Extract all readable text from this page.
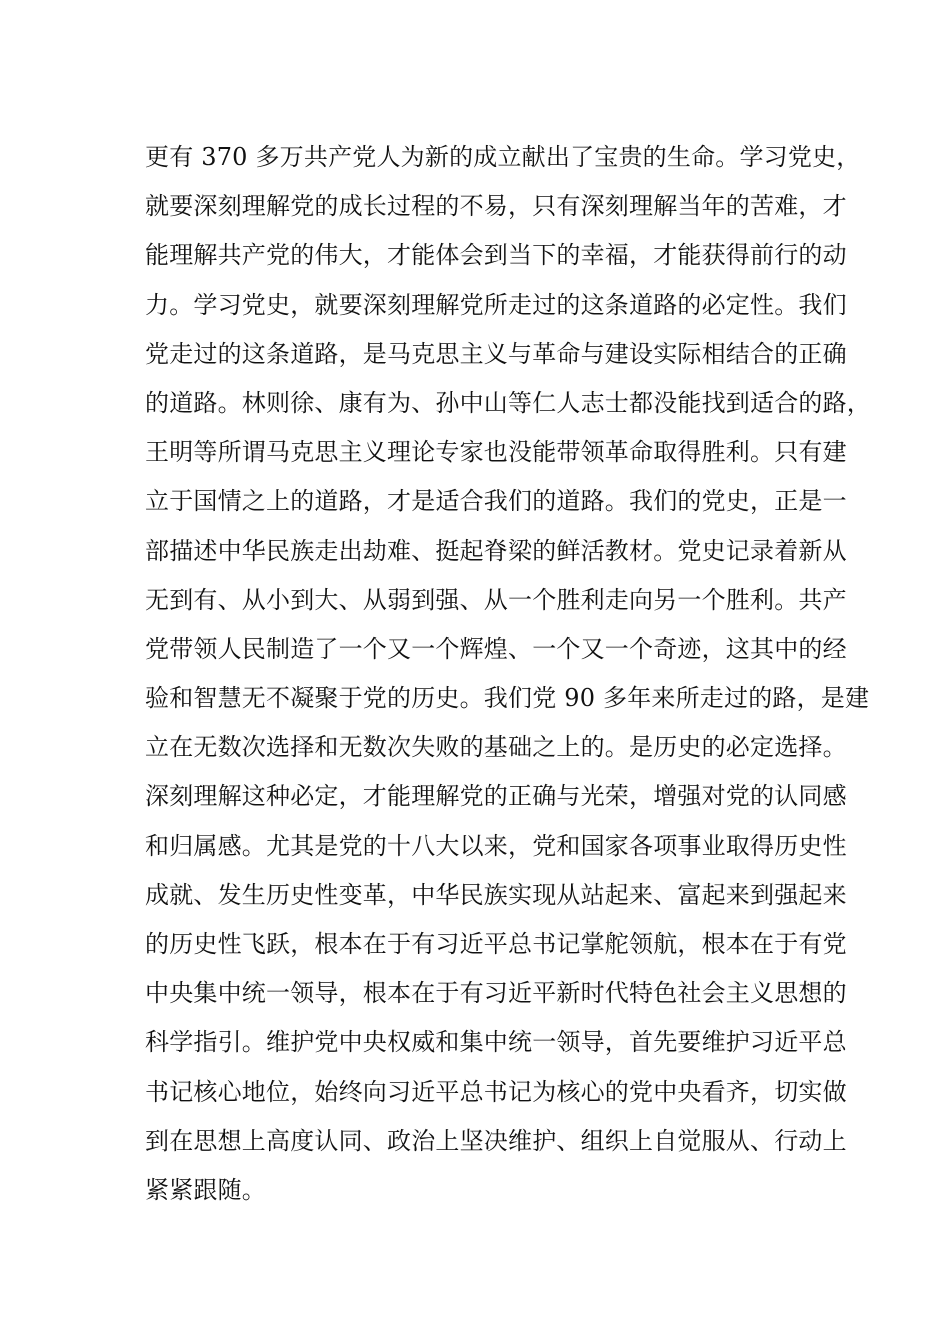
更有 370 多万共产党人为新的成立献出了宝贵的生命。学习党史，
就要深刻理解党的成长过程的不易，只有深刻理解当年的苦难，才
能理解共产党的伟大，才能体会到当下的幸福，才能获得前行的动
力。学习党史，就要深刻理解党所走过的这条道路的必定性。我们
党走过的这条道路，是马克思主义与革命与建设实际相结合的正确
的道路。林则徐、康有为、孙中山等仁人志士都没能找到适合的路，
王明等所谓马克思主义理论专家也没能带领革命取得胜利。只有建
立于国情之上的道路，才是适合我们的道路。我们的党史，正是一
部描述中华民族走出劫难、挺起脊梁的鲜活教材。党史记录着新从
无到有、从小到大、从弱到强、从一个胜利走向另一个胜利。共产
党带领人民制造了一个又一个辉煌、一个又一个奇迹，这其中的经
验和智慧无不凝聚于党的历史。我们党 90 多年来所走过的路，是建
立在无数次选择和无数次失败的基础之上的。是历史的必定选择。
深刻理解这种必定，才能理解党的正确与光荣，增强对党的认同感
和归属感。尤其是党的十八大以来，党和国家各项事业取得历史性
成就、发生历史性变革，中华民族实现从站起来、富起来到强起来
的历史性飞跃，根本在于有习近平总书记掌舵领航，根本在于有党
中央集中统一领导，根本在于有习近平新时代特色社会主义思想的
科学指引。维护党中央权威和集中统一领导，首先要维护习近平总
书记核心地位，始终向习近平总书记为核心的党中央看齐，切实做
到在思想上高度认同、政治上坚决维护、组织上自觉服从、行动上
紧紧跟随。
